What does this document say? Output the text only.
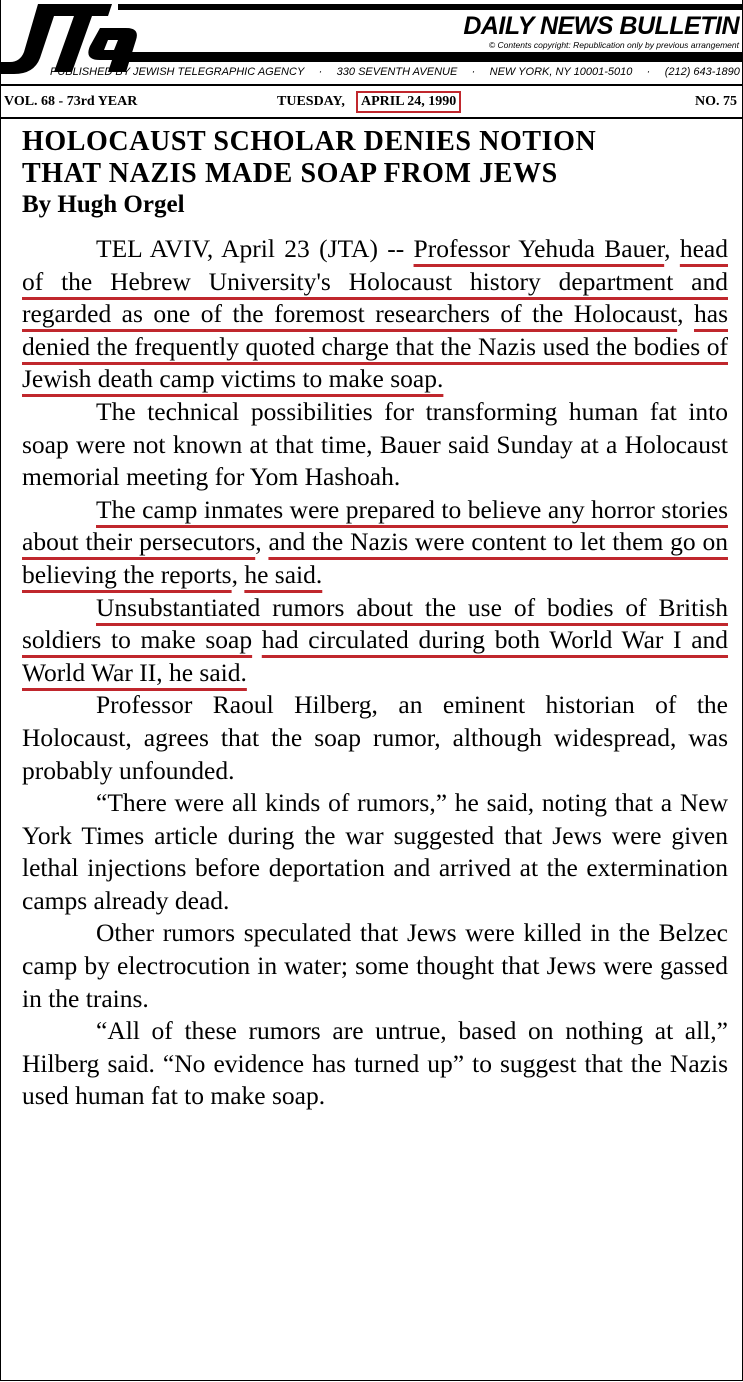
DAILY NEWS BULLETIN
© Contents copyright: Republication only by previous arrangement
PUBLISHED BY JEWISH TELEGRAPHIC AGENCY	·	330 SEVENTH AVENUE	·	NEW YORK, NY 10001-5010	·	(212) 643-1890
VOL. 68 - 73rd YEAR	TUESDAY,	APRIL 24, 1990	NO. 75
HOLOCAUST SCHOLAR DENIES NOTION
THAT NAZIS MADE SOAP FROM JEWS
By Hugh Orgel

TEL AVIV, April 23 (JTA) -- Professor Yehuda Bauer, head of the Hebrew University's Holocaust history department and regarded as one of the foremost researchers of the Holocaust, has denied the frequently quoted charge that the Nazis used the bodies of Jewish death camp victims to make soap.

The technical possibilities for transforming human fat into soap were not known at that time, Bauer said Sunday at a Holocaust memorial meeting for Yom Hashoah.

The camp inmates were prepared to believe any horror stories about their persecutors, and the Nazis were content to let them go on believing the reports, he said.

Unsubstantiated rumors about the use of bodies of British soldiers to make soap had circulated during both World War I and World War II, he said.

Professor Raoul Hilberg, an eminent historian of the Holocaust, agrees that the soap rumor, although widespread, was probably unfounded.

“There were all kinds of rumors,” he said, noting that a New York Times article during the war suggested that Jews were given lethal injections before deportation and arrived at the extermination camps already dead.

Other rumors speculated that Jews were killed in the Belzec camp by electrocution in water; some thought that Jews were gassed in the trains.

“All of these rumors are untrue, based on nothing at all,” Hilberg said. “No evidence has turned up” to suggest that the Nazis used human fat to make soap.
